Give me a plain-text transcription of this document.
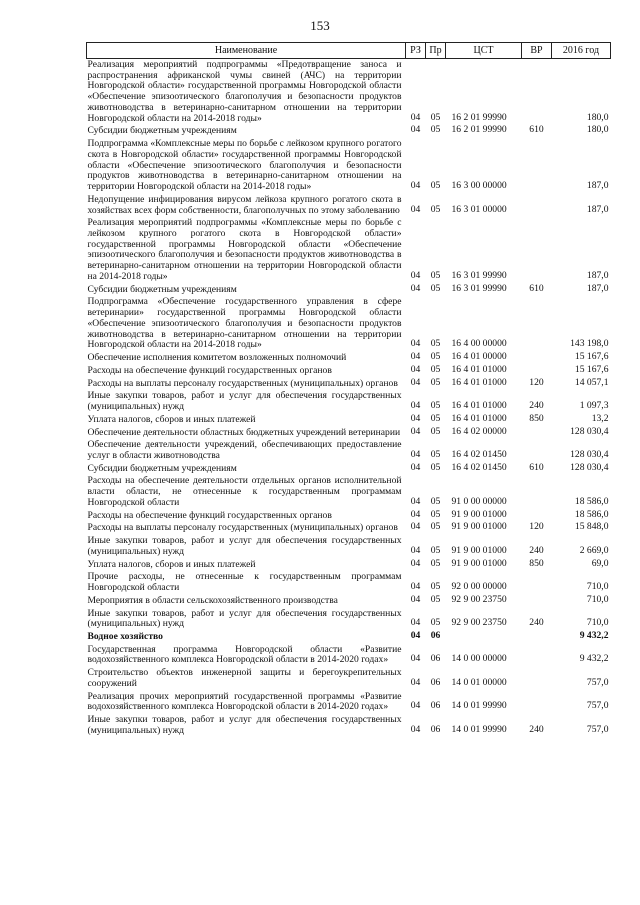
153
Наименование	РЗ	Пр	ЦСТ	ВР	2016 год
Реализация мероприятий подпрограммы «Предотвращение заноса и распространения африканской чумы свиней (АЧС) на территории Новгородской области» государственной программы Новгородской области «Обеспечение эпизоотического благополучия и безопасности продуктов животноводства в ветеринарно-санитарном отношении на территории Новгородской области на 2014-2018 годы»	04	05	16 2 01 99990		180,0
Субсидии бюджетным учреждениям	04	05	16 2 01 99990	610	180,0
Подпрограмма «Комплексные меры по борьбе с лейкозом крупного рогатого скота в Новгородской области» государственной программы Новгородской области «Обеспечение эпизоотического благополучия и безопасности продуктов животноводства в ветеринарно-санитарном отношении на территории Новгородской области на 2014-2018 годы»	04	05	16 3 00 00000		187,0
Недопущение инфицирования вирусом лейкоза крупного рогатого скота в хозяйствах всех форм собственности, благополучных по этому заболеванию	04	05	16 3 01 00000		187,0
Реализация мероприятий подпрограммы «Комплексные меры по борьбе с лейкозом крупного рогатого скота в Новгородской области» государственной программы Новгородской области «Обеспечение эпизоотического благополучия и безопасности продуктов животноводства в ветеринарно-санитарном отношении на территории Новгородской области на 2014-2018 годы»	04	05	16 3 01 99990		187,0
Субсидии бюджетным учреждениям	04	05	16 3 01 99990	610	187,0
Подпрограмма «Обеспечение государственного управления в сфере ветеринарии» государственной программы Новгородской области «Обеспечение эпизоотического благополучия и безопасности продуктов животноводства в ветеринарно-санитарном отношении на территории Новгородской области на 2014-2018 годы»	04	05	16 4 00 00000		143 198,0
Обеспечение исполнения комитетом возложенных полномочий	04	05	16 4 01 00000		15 167,6
Расходы на обеспечение функций государственных органов	04	05	16 4 01 01000		15 167,6
Расходы на выплаты персоналу государственных (муниципальных) органов	04	05	16 4 01 01000	120	14 057,1
Иные закупки товаров, работ и услуг для обеспечения государственных (муниципальных) нужд	04	05	16 4 01 01000	240	1 097,3
Уплата налогов, сборов и иных платежей	04	05	16 4 01 01000	850	13,2
Обеспечение деятельности областных бюджетных учреждений ветеринарии	04	05	16 4 02 00000		128 030,4
Обеспечение деятельности учреждений, обеспечивающих предоставление услуг в области животноводства	04	05	16 4 02 01450		128 030,4
Субсидии бюджетным учреждениям	04	05	16 4 02 01450	610	128 030,4
Расходы на обеспечение деятельности отдельных органов исполнительной власти области, не отнесенные к государственным программам Новгородской области	04	05	91 0 00 00000		18 586,0
Расходы на обеспечение функций государственных органов	04	05	91 9 00 01000		18 586,0
Расходы на выплаты персоналу государственных (муниципальных) органов	04	05	91 9 00 01000	120	15 848,0
Иные закупки товаров, работ и услуг для обеспечения государственных (муниципальных) нужд	04	05	91 9 00 01000	240	2 669,0
Уплата налогов, сборов и иных платежей	04	05	91 9 00 01000	850	69,0
Прочие расходы, не отнесенные к государственным программам Новгородской области	04	05	92 0 00 00000		710,0
Мероприятия в области сельскохозяйственного производства	04	05	92 9 00 23750		710,0
Иные закупки товаров, работ и услуг для обеспечения государственных (муниципальных) нужд	04	05	92 9 00 23750	240	710,0
Водное хозяйство	04	06			9 432,2
Государственная программа Новгородской области «Развитие водохозяйственного комплекса Новгородской области в 2014-2020 годах»	04	06	14 0 00 00000		9 432,2
Строительство объектов инженерной защиты и берегоукрепительных сооружений	04	06	14 0 01 00000		757,0
Реализация прочих мероприятий государственной программы «Развитие водохозяйственного комплекса Новгородской области в 2014-2020 годах»	04	06	14 0 01 99990		757,0
Иные закупки товаров, работ и услуг для обеспечения государственных (муниципальных) нужд	04	06	14 0 01 99990	240	757,0
